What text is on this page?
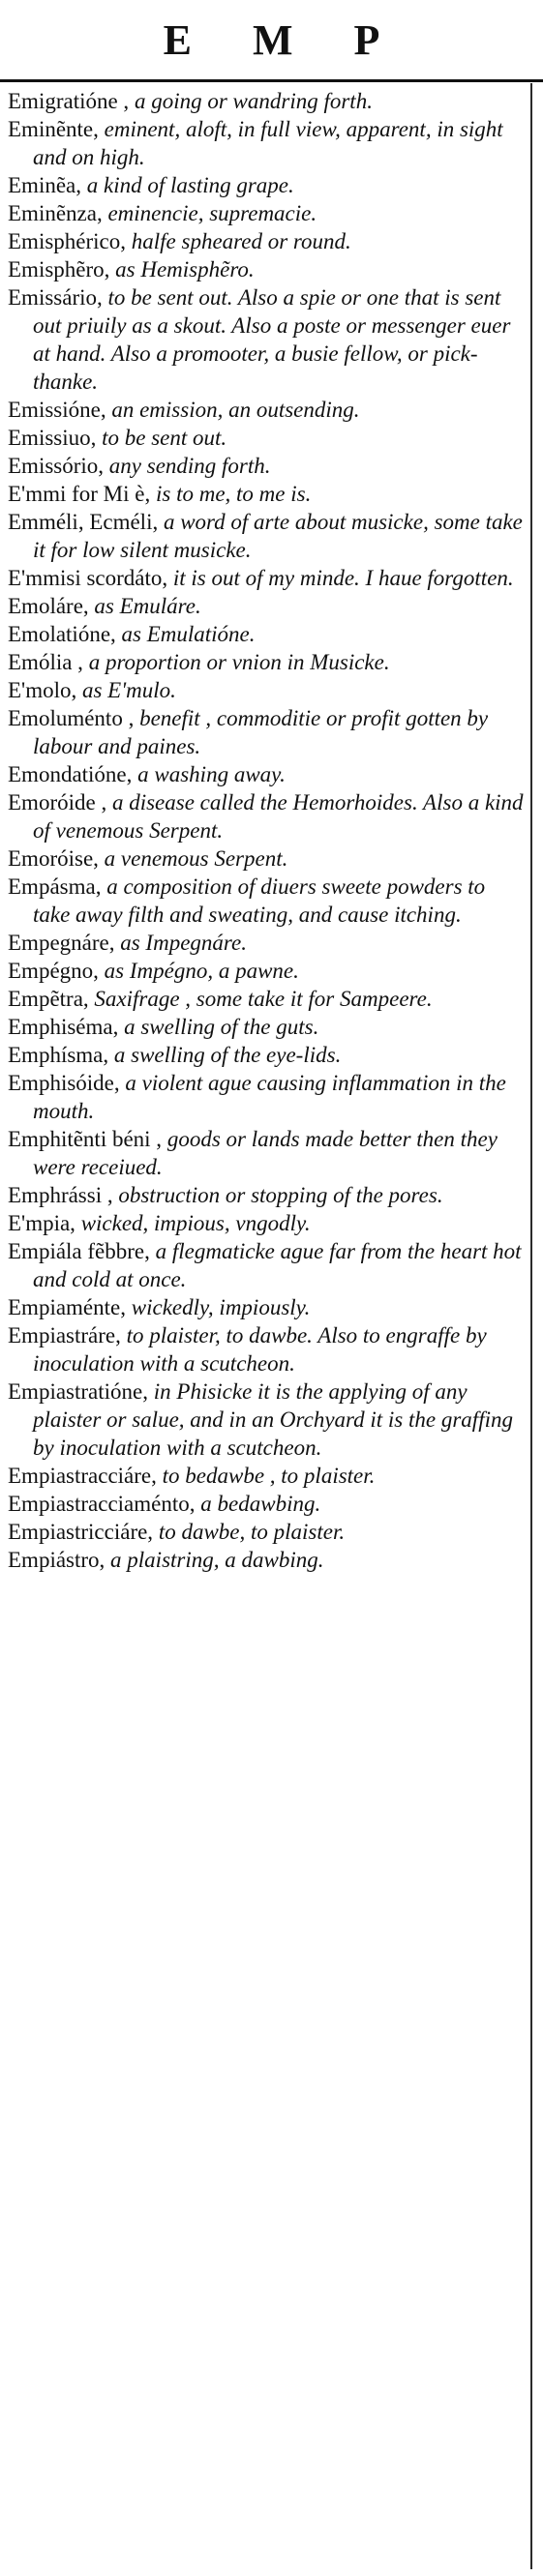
E M P

Emigratióne , a going or wandring forth.

Eminẽnte, eminent, aloft, in full view, apparent, in sight and on high.

Eminẽa, a kind of lasting grape.

Eminẽnza, eminencie, supremacie.

Emisphérico, halfe spheared or round.

Emisphẽro, as Hemisphẽro.

Emissário, to be sent out. Also a spie or one that is sent out priuily as a skout. Also a poste or messenger euer at hand. Also a promooter, a busie fellow, or pick-thanke.

Emissióne, an emission, an outsending.

Emissiuo, to be sent out.

Emissório, any sending forth.

E'mmi for Mi è, is to me, to me is.

Emméli, Ecméli, a word of arte about musicke, some take it for low silent musicke.

E'mmisi scordáto, it is out of my minde. I haue forgotten.

Emoláre, as Emuláre.

Emolatióne, as Emulatióne.

Emólia , a proportion or vnion in Musicke.

E'molo, as E'mulo.

Emoluménto , benefit , commoditie or profit gotten by labour and paines.

Emondatióne, a washing away.

Emoróide , a disease called the Hemorhoides. Also a kind of venemous Serpent.

Emoróise, a venemous Serpent.

Empásma, a composition of diuers sweete powders to take away filth and sweating, and cause itching.

Empegnáre, as Impegnáre.

Empégno, as Impégno, a pawne.

Empẽtra, Saxifrage , some take it for Sampeere.

Emphiséma, a swelling of the guts.

Emphísma, a swelling of the eye-lids.

Emphisóide, a violent ague causing inflammation in the mouth.

Emphitẽnti béni , goods or lands made better then they were receiued.

Emphrássi , obstruction or stopping of the pores.

E'mpia, wicked, impious, vngodly.

Empiála fẽbbre, a flegmaticke ague far from the heart hot and cold at once.

Empiaménte, wickedly, impiously.

Empiastráre, to plaister, to dawbe. Also to engraffe by inoculation with a scutcheon.

Empiastratióne, in Phisicke it is the applying of any plaister or salue, and in an Orchyard it is the graffing by inoculation with a scutcheon.

Empiastracciáre, to bedawbe , to plaister.

Empiastracciaménto, a bedawbing.

Empiastricciáre, to dawbe, to plaister.

Empiástro, a plaistring, a dawbing.
